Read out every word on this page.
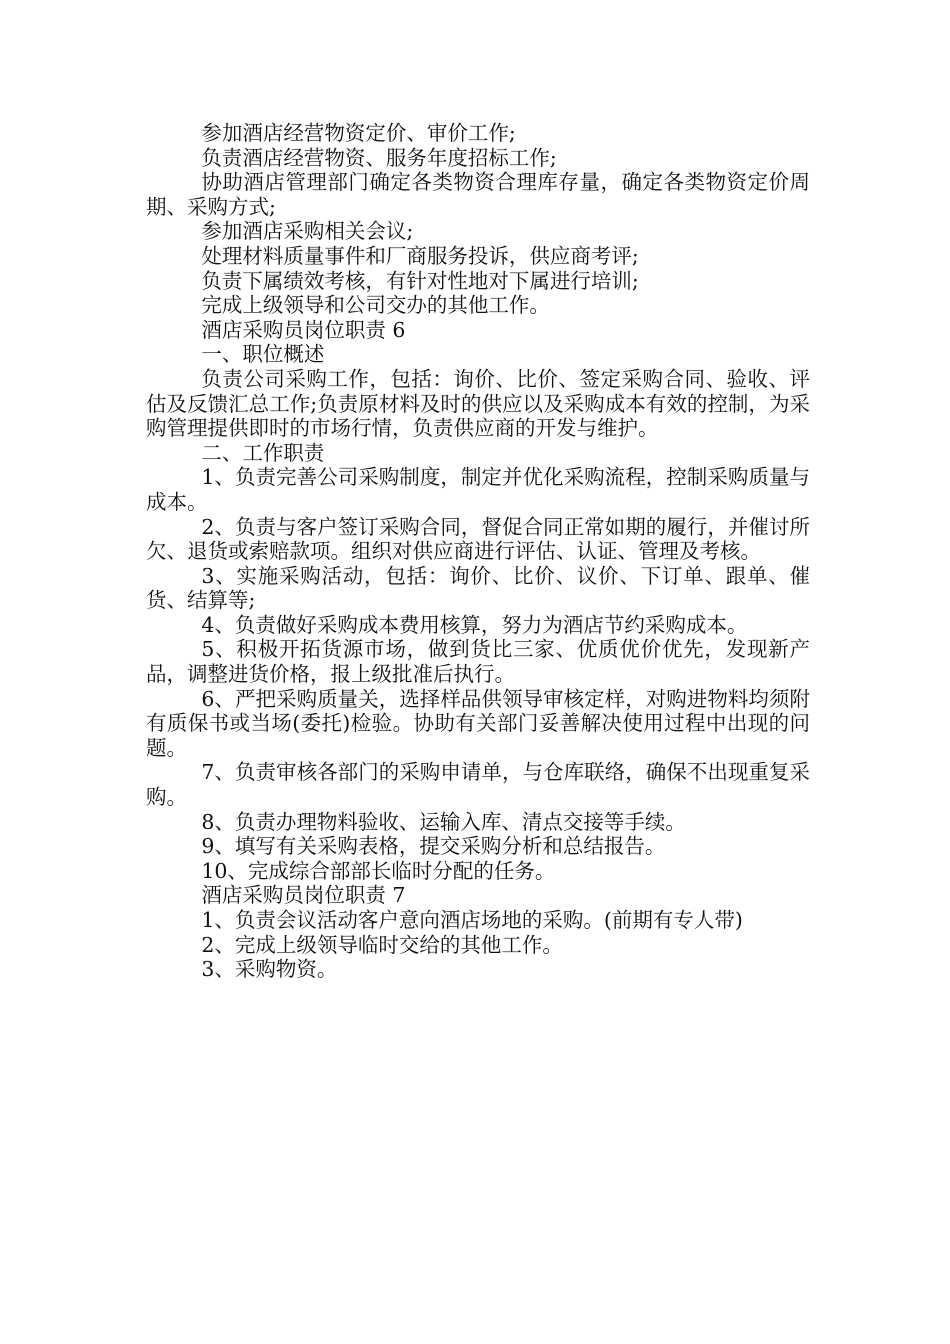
参加酒店经营物资定价、审价工作;

负责酒店经营物资、服务年度招标工作;

协助酒店管理部门确定各类物资合理库存量，确定各类物资定价周期、采购方式;

参加酒店采购相关会议;

处理材料质量事件和厂商服务投诉，供应商考评;

负责下属绩效考核，有针对性地对下属进行培训;

完成上级领导和公司交办的其他工作。

酒店采购员岗位职责 6

一、职位概述

负责公司采购工作，包括：询价、比价、签定采购合同、验收、评估及反馈汇总工作;负责原材料及时的供应以及采购成本有效的控制，为采购管理提供即时的市场行情，负责供应商的开发与维护。

二、工作职责

1、负责完善公司采购制度，制定并优化采购流程，控制采购质量与成本。

2、负责与客户签订采购合同，督促合同正常如期的履行，并催讨所欠、退货或索赔款项。组织对供应商进行评估、认证、管理及考核。

3、实施采购活动，包括：询价、比价、议价、下订单、跟单、催货、结算等;

4、负责做好采购成本费用核算，努力为酒店节约采购成本。

5、积极开拓货源市场，做到货比三家、优质优价优先，发现新产品，调整进货价格，报上级批准后执行。

6、严把采购质量关，选择样品供领导审核定样，对购进物料均须附有质保书或当场(委托)检验。协助有关部门妥善解决使用过程中出现的问题。

7、负责审核各部门的采购申请单，与仓库联络，确保不出现重复采购。

8、负责办理物料验收、运输入库、清点交接等手续。

9、填写有关采购表格，提交采购分析和总结报告。

10、完成综合部部长临时分配的任务。

酒店采购员岗位职责 7

1、负责会议活动客户意向酒店场地的采购。(前期有专人带)

2、完成上级领导临时交给的其他工作。

3、采购物资。
